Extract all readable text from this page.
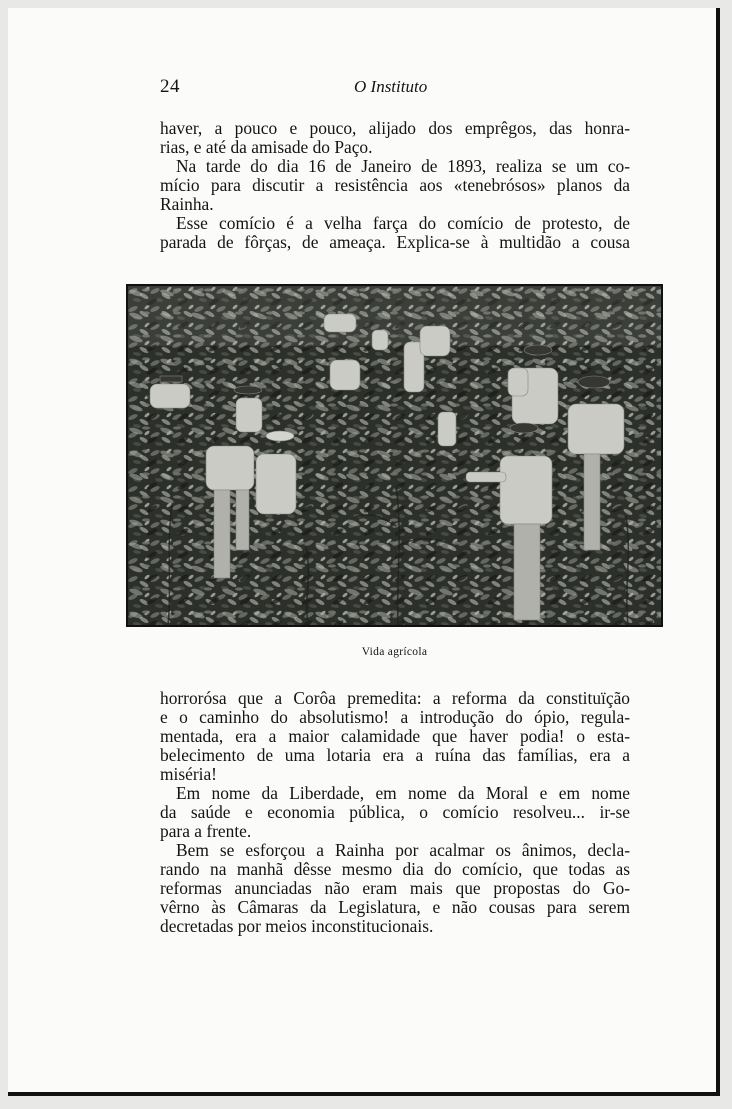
24	O Instituto
haver, a pouco e pouco, alijado dos emprêgos, das honra-
rias, e até da amisade do Paço.
Na tarde do dia 16 de Janeiro de 1893, realiza se um co-
mício para discutir a resistência aos «tenebrósos» planos da
Rainha.
Esse comício é a velha farça do comício de protesto, de
parada de fôrças, de ameaça. Explica-se à multidão a cousa
Vida agrícola
horrorósa que a Corôa premedita: a reforma da constituïção
e o caminho do absolutismo! a introdução do ópio, regula-
mentada, era a maior calamidade que haver podia! o esta-
belecimento de uma lotaria era a ruína das famílias, era a
miséria!
Em nome da Liberdade, em nome da Moral e em nome
da saúde e economia pública, o comício resolveu... ir-se
para a frente.
Bem se esforçou a Rainha por acalmar os ânimos, decla-
rando na manhã dêsse mesmo dia do comício, que todas as
reformas anunciadas não eram mais que propostas do Go-
vêrno às Câmaras da Legislatura, e não cousas para serem
decretadas por meios inconstitucionais.
